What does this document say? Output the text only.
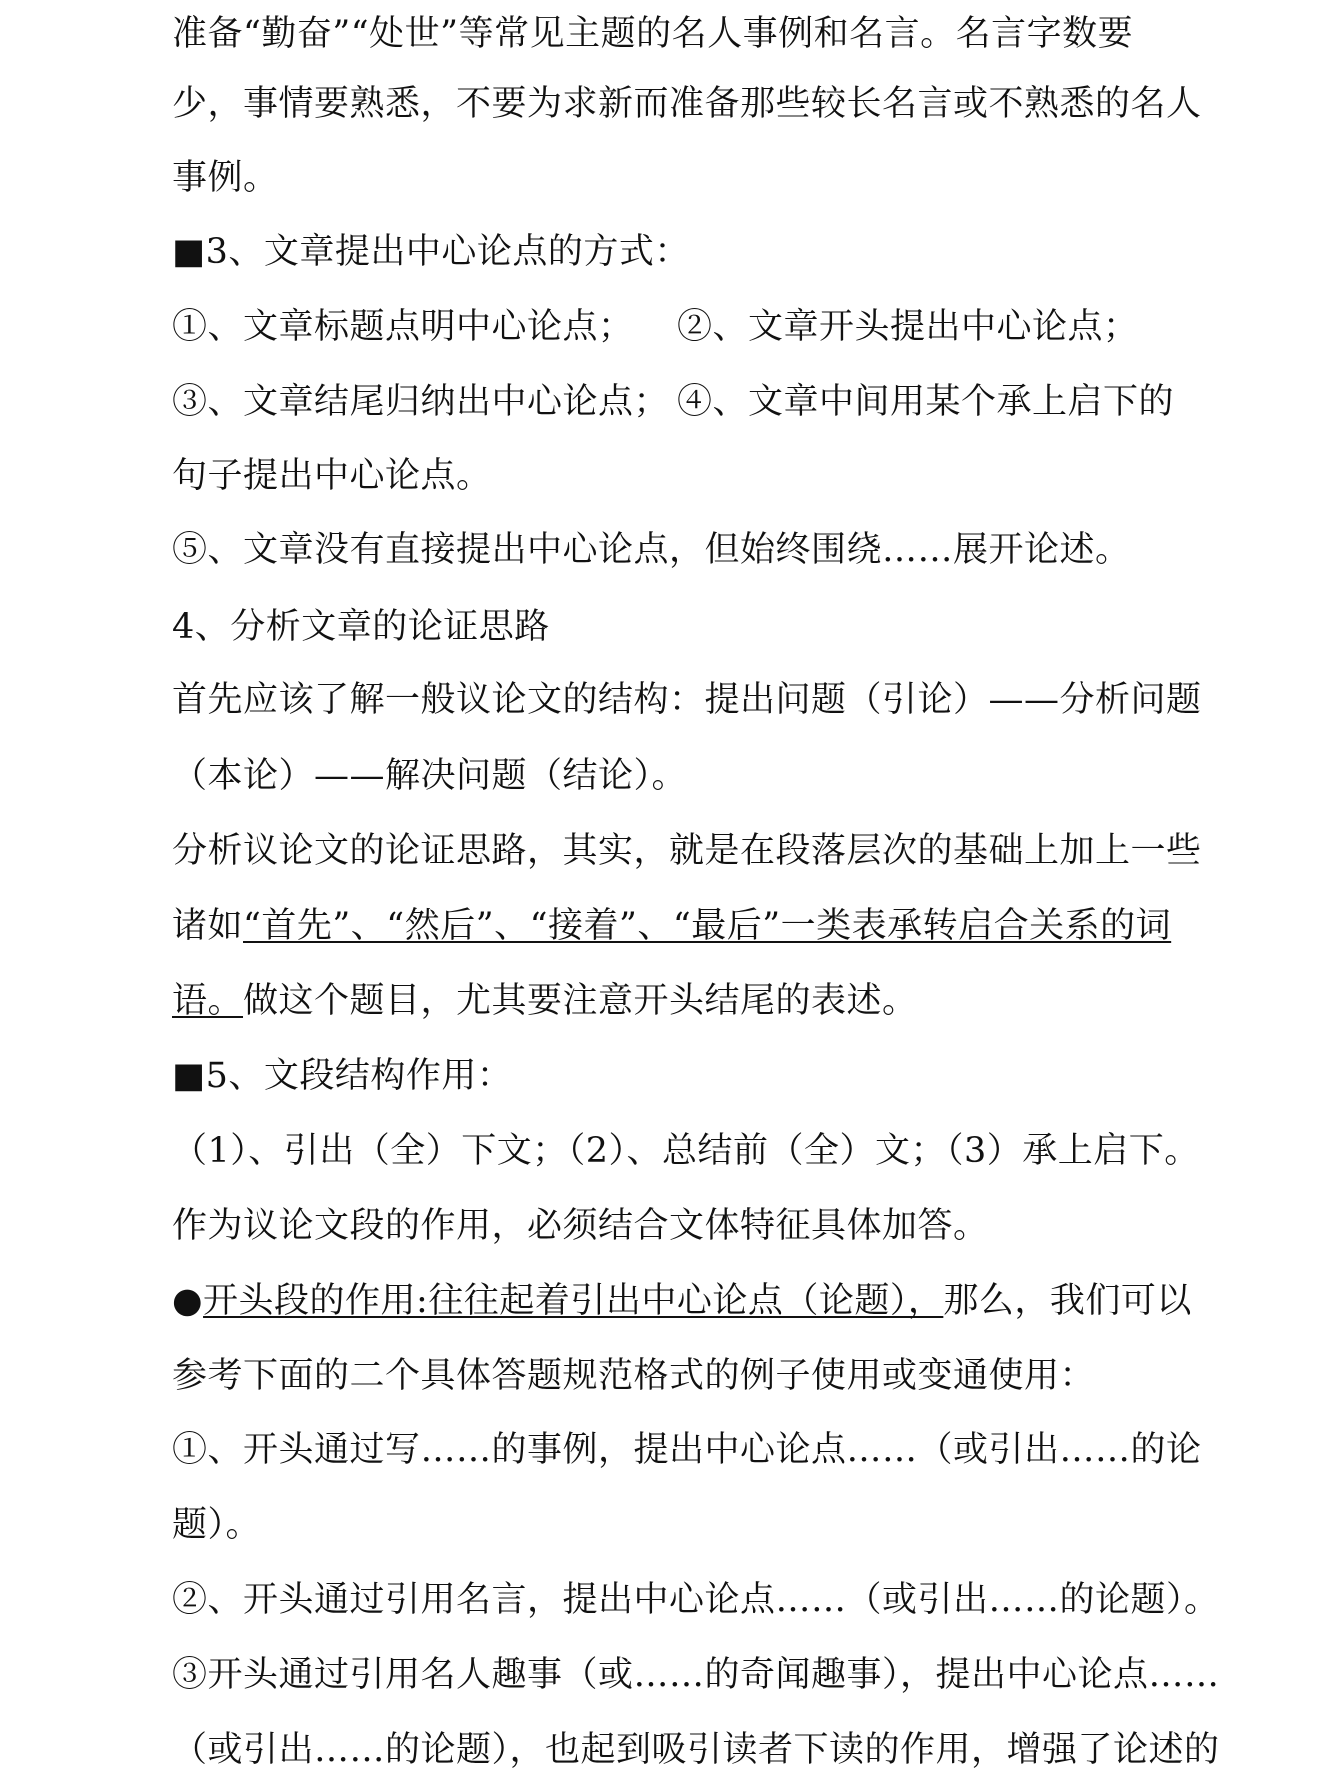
准备“勤奋”“处世”等常见主题的名人事例和名言。名言字数要
少，事情要熟悉，不要为求新而准备那些较长名言或不熟悉的名人
事例。
■3、文章提出中心论点的方式：
①、文章标题点明中心论点； ②、文章开头提出中心论点；
③、文章结尾归纳出中心论点； ④、文章中间用某个承上启下的
句子提出中心论点。
⑤、文章没有直接提出中心论点，但始终围绕……展开论述。
4、分析文章的论证思路
首先应该了解一般议论文的结构：提出问题（引论）——分析问题
（本论）——解决问题（结论）。
分析议论文的论证思路，其实，就是在段落层次的基础上加上一些
诸如“首先”、“然后”、“接着”、“最后”一类表承转启合关系的词
语。做这个题目，尤其要注意开头结尾的表述。
■5、文段结构作用：
（1）、引出（全）下文；（2）、总结前（全）文；（3）承上启下。
作为议论文段的作用，必须结合文体特征具体加答。
●开头段的作用:往往起着引出中心论点（论题），那么，我们可以
参考下面的二个具体答题规范格式的例子使用或变通使用：
①、开头通过写……的事例，提出中心论点……（或引出……的论
题）。
②、开头通过引用名言，提出中心论点……（或引出……的论题）。
③开头通过引用名人趣事（或……的奇闻趣事），提出中心论点……
（或引出……的论题），也起到吸引读者下读的作用，增强了论述的
